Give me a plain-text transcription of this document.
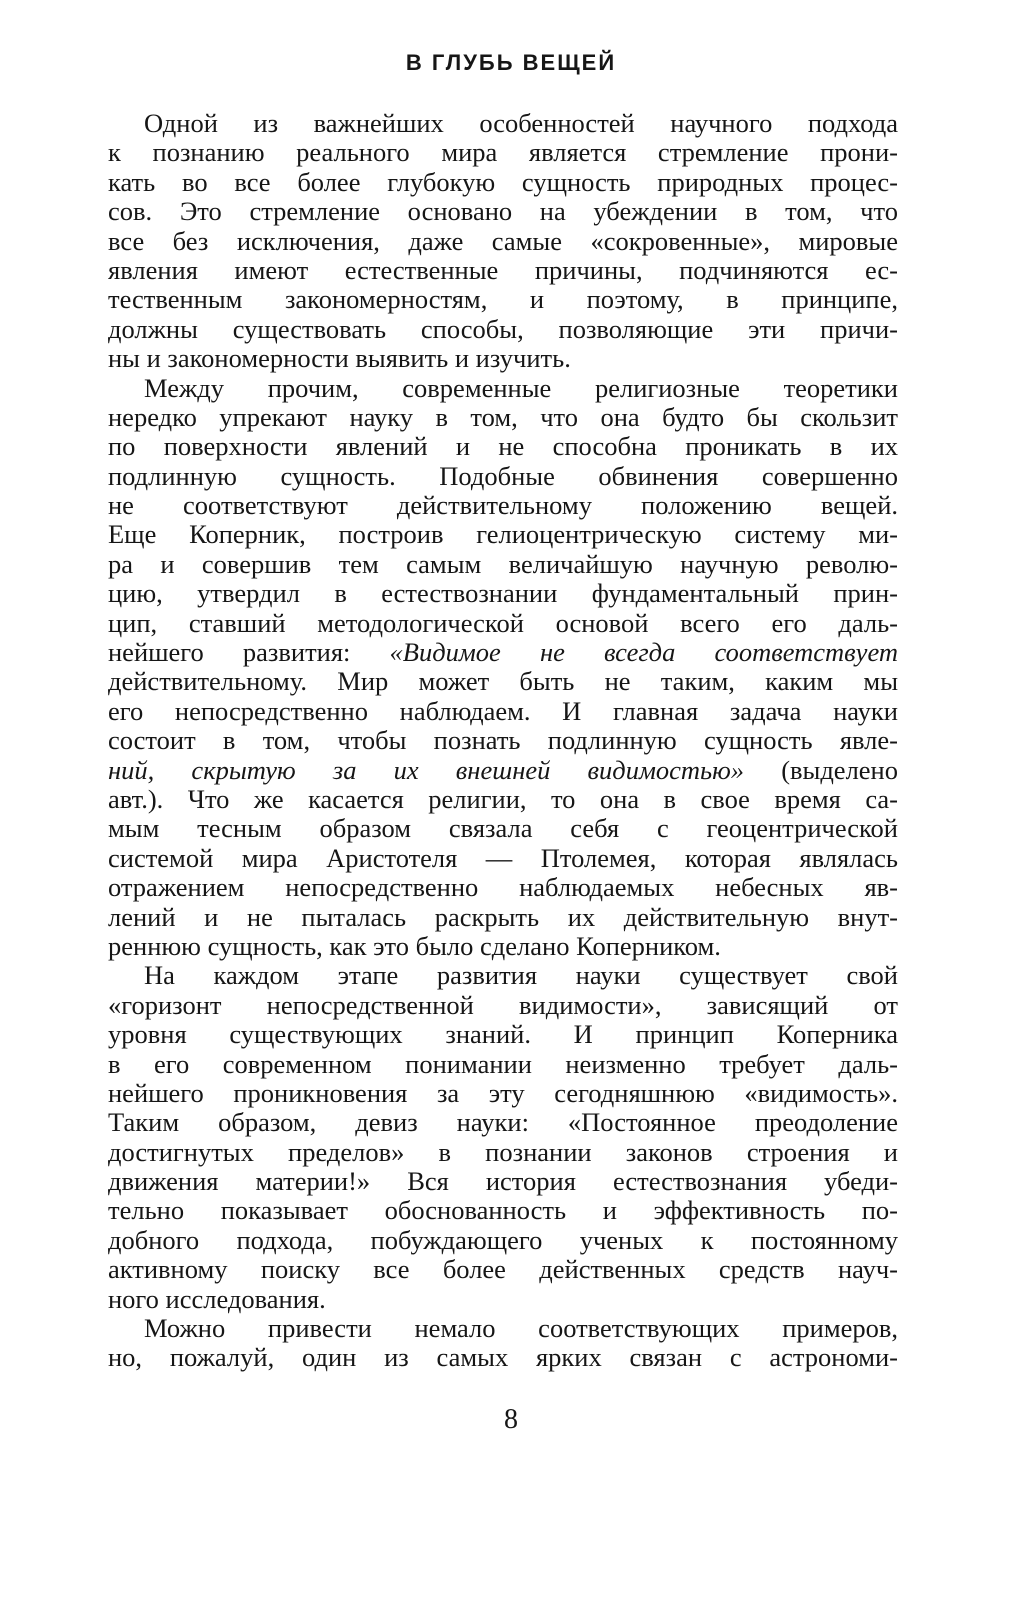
В ГЛУБЬ ВЕЩЕЙ
Одной из важнейших особенностей научного подхода
к познанию реального мира является стремление прони-
кать во все более глубокую сущность природных процес-
сов. Это стремление основано на убеждении в том, что
все без исключения, даже самые «сокровенные», мировые
явления имеют естественные причины, подчиняются ес-
тественным закономерностям, и поэтому, в принципе,
должны существовать способы, позволяющие эти причи-
ны и закономерности выявить и изучить.
Между прочим, современные религиозные теоретики
нередко упрекают науку в том, что она будто бы скользит
по поверхности явлений и не способна проникать в их
подлинную сущность. Подобные обвинения совершенно
не соответствуют действительному положению вещей.
Еще Коперник, построив гелиоцентрическую систему ми-
ра и совершив тем самым величайшую научную револю-
цию, утвердил в естествознании фундаментальный прин-
цип, ставший методологической основой всего его даль-
нейшего развития: «Видимое не всегда соответствует
действительному. Мир может быть не таким, каким мы
его непосредственно наблюдаем. И главная задача науки
состоит в том, чтобы познать подлинную сущность явле-
ний, скрытую за их внешней видимостью» (выделено
авт.). Что же касается религии, то она в свое время са-
мым тесным образом связала себя с геоцентрической
системой мира Аристотеля — Птолемея, которая являлась
отражением непосредственно наблюдаемых небесных яв-
лений и не пыталась раскрыть их действительную внут-
реннюю сущность, как это было сделано Коперником.
На каждом этапе развития науки существует свой
«горизонт непосредственной видимости», зависящий от
уровня существующих знаний. И принцип Коперника
в его современном понимании неизменно требует даль-
нейшего проникновения за эту сегодняшнюю «видимость».
Таким образом, девиз науки: «Постоянное преодоление
достигнутых пределов» в познании законов строения и
движения материи!» Вся история естествознания убеди-
тельно показывает обоснованность и эффективность по-
добного подхода, побуждающего ученых к постоянному
активному поиску все более действенных средств науч-
ного исследования.
Можно привести немало соответствующих примеров,
но, пожалуй, один из самых ярких связан с астрономи-
8
